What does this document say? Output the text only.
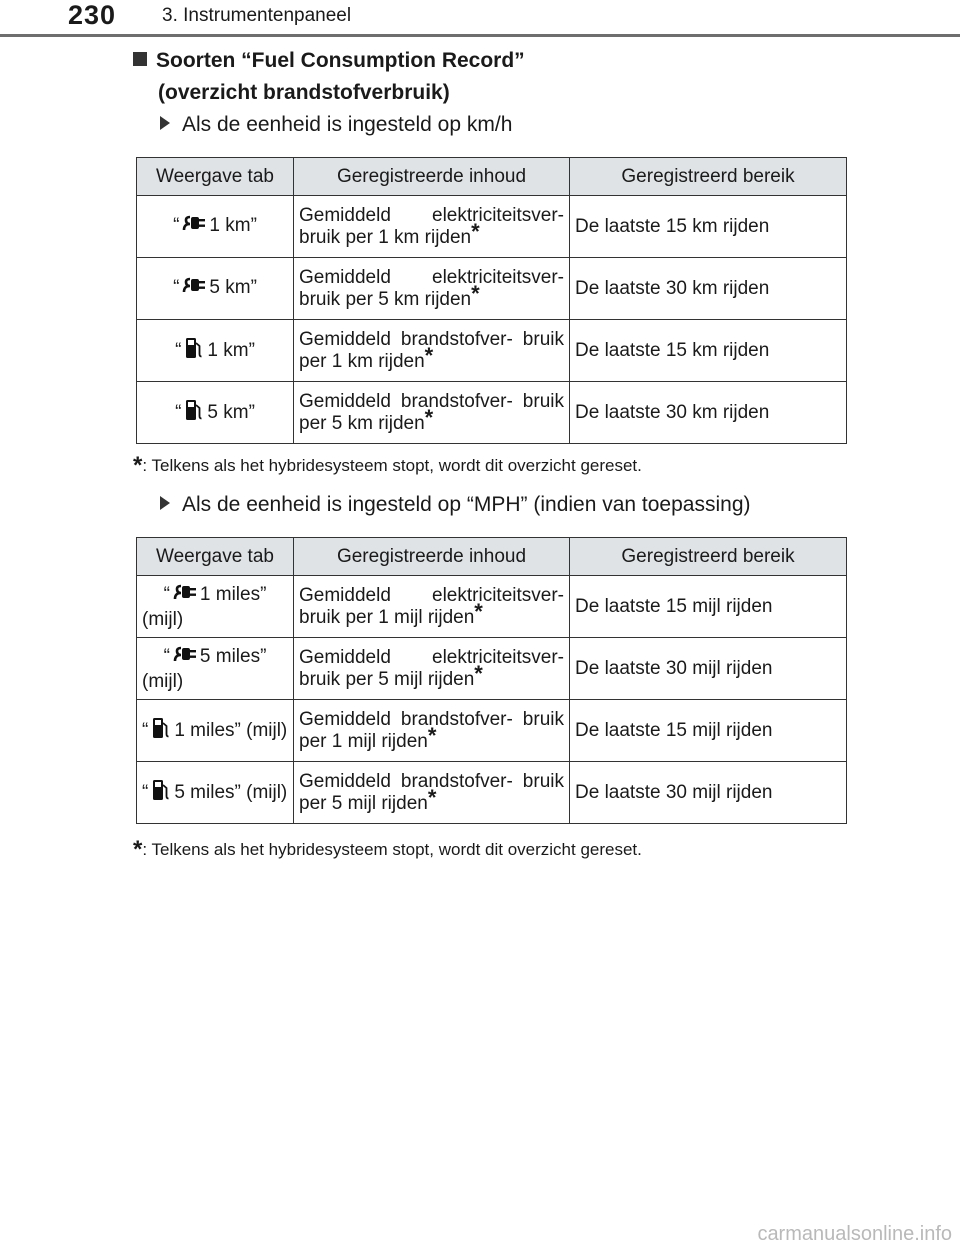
230 3. Instrumentenpaneel
Soorten “Fuel Consumption Record”
(overzicht brandstofverbruik)
Als de eenheid is ingesteld op km/h
Weergave tab	Geregistreerde inhoud	Geregistreerd bereik
“ 1 km”	Gemiddeld elektriciteitsver- bruik per 1 km rijden*	De laatste 15 km rijden
“ 5 km”	Gemiddeld elektriciteitsver- bruik per 5 km rijden*	De laatste 30 km rijden
“ 1 km”	Gemiddeld brandstofver- bruik per 1 km rijden*	De laatste 15 km rijden
“ 5 km”	Gemiddeld brandstofver- bruik per 5 km rijden*	De laatste 30 km rijden
*: Telkens als het hybridesysteem stopt, wordt dit overzicht gereset.
Als de eenheid is ingesteld op “MPH” (indien van toepassing)
Weergave tab	Geregistreerde inhoud	Geregistreerd bereik
“ 1 miles” (mijl)	Gemiddeld elektriciteitsver- bruik per 1 mijl rijden*	De laatste 15 mijl rijden
“ 5 miles” (mijl)	Gemiddeld elektriciteitsver- bruik per 5 mijl rijden*	De laatste 30 mijl rijden
“ 1 miles” (mijl)	Gemiddeld brandstofver- bruik per 1 mijl rijden*	De laatste 15 mijl rijden
“ 5 miles” (mijl)	Gemiddeld brandstofver- bruik per 5 mijl rijden*	De laatste 30 mijl rijden
*: Telkens als het hybridesysteem stopt, wordt dit overzicht gereset.
carmanualsonline.info
